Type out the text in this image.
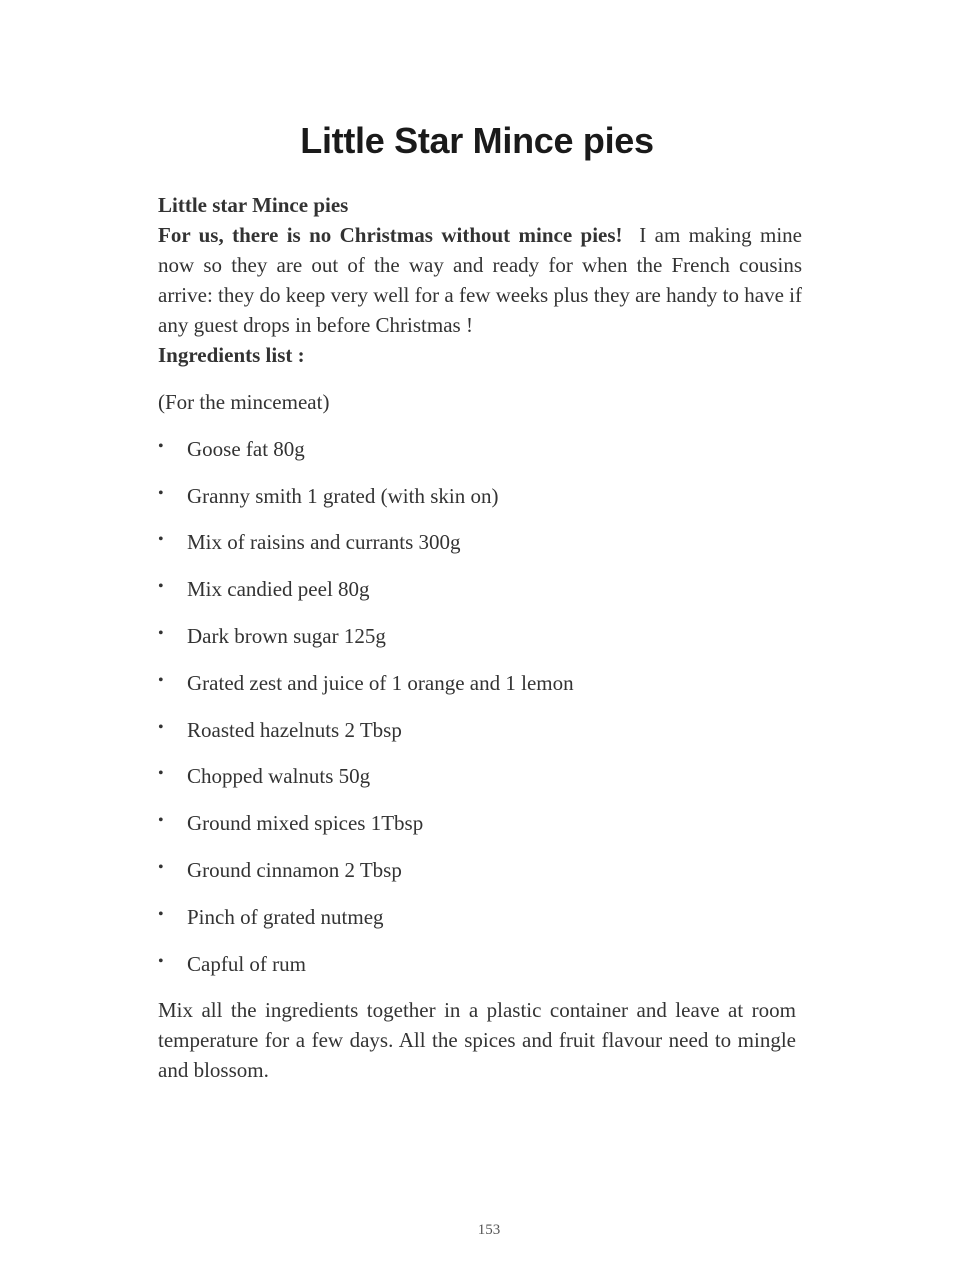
Little Star Mince pies

Little star Mince pies

For us, there is no Christmas without mince pies! I am making mine now so they are out of the way and ready for when the French cousins arrive: they do keep very well for a few weeks plus they are handy to have if any guest drops in before Christmas !

Ingredients list :

(For the mincemeat)

• Goose fat 80g
• Granny smith 1 grated (with skin on)
• Mix of raisins and currants 300g
• Mix candied peel 80g
• Dark brown sugar 125g
• Grated zest and juice of 1 orange and 1 lemon
• Roasted hazelnuts 2 Tbsp
• Chopped walnuts 50g
• Ground mixed spices 1Tbsp
• Ground cinnamon 2 Tbsp
• Pinch of grated nutmeg
• Capful of rum

Mix all the ingredients together in a plastic container and leave at room temperature for a few days. All the spices and fruit flavour need to mingle and blossom.

153
